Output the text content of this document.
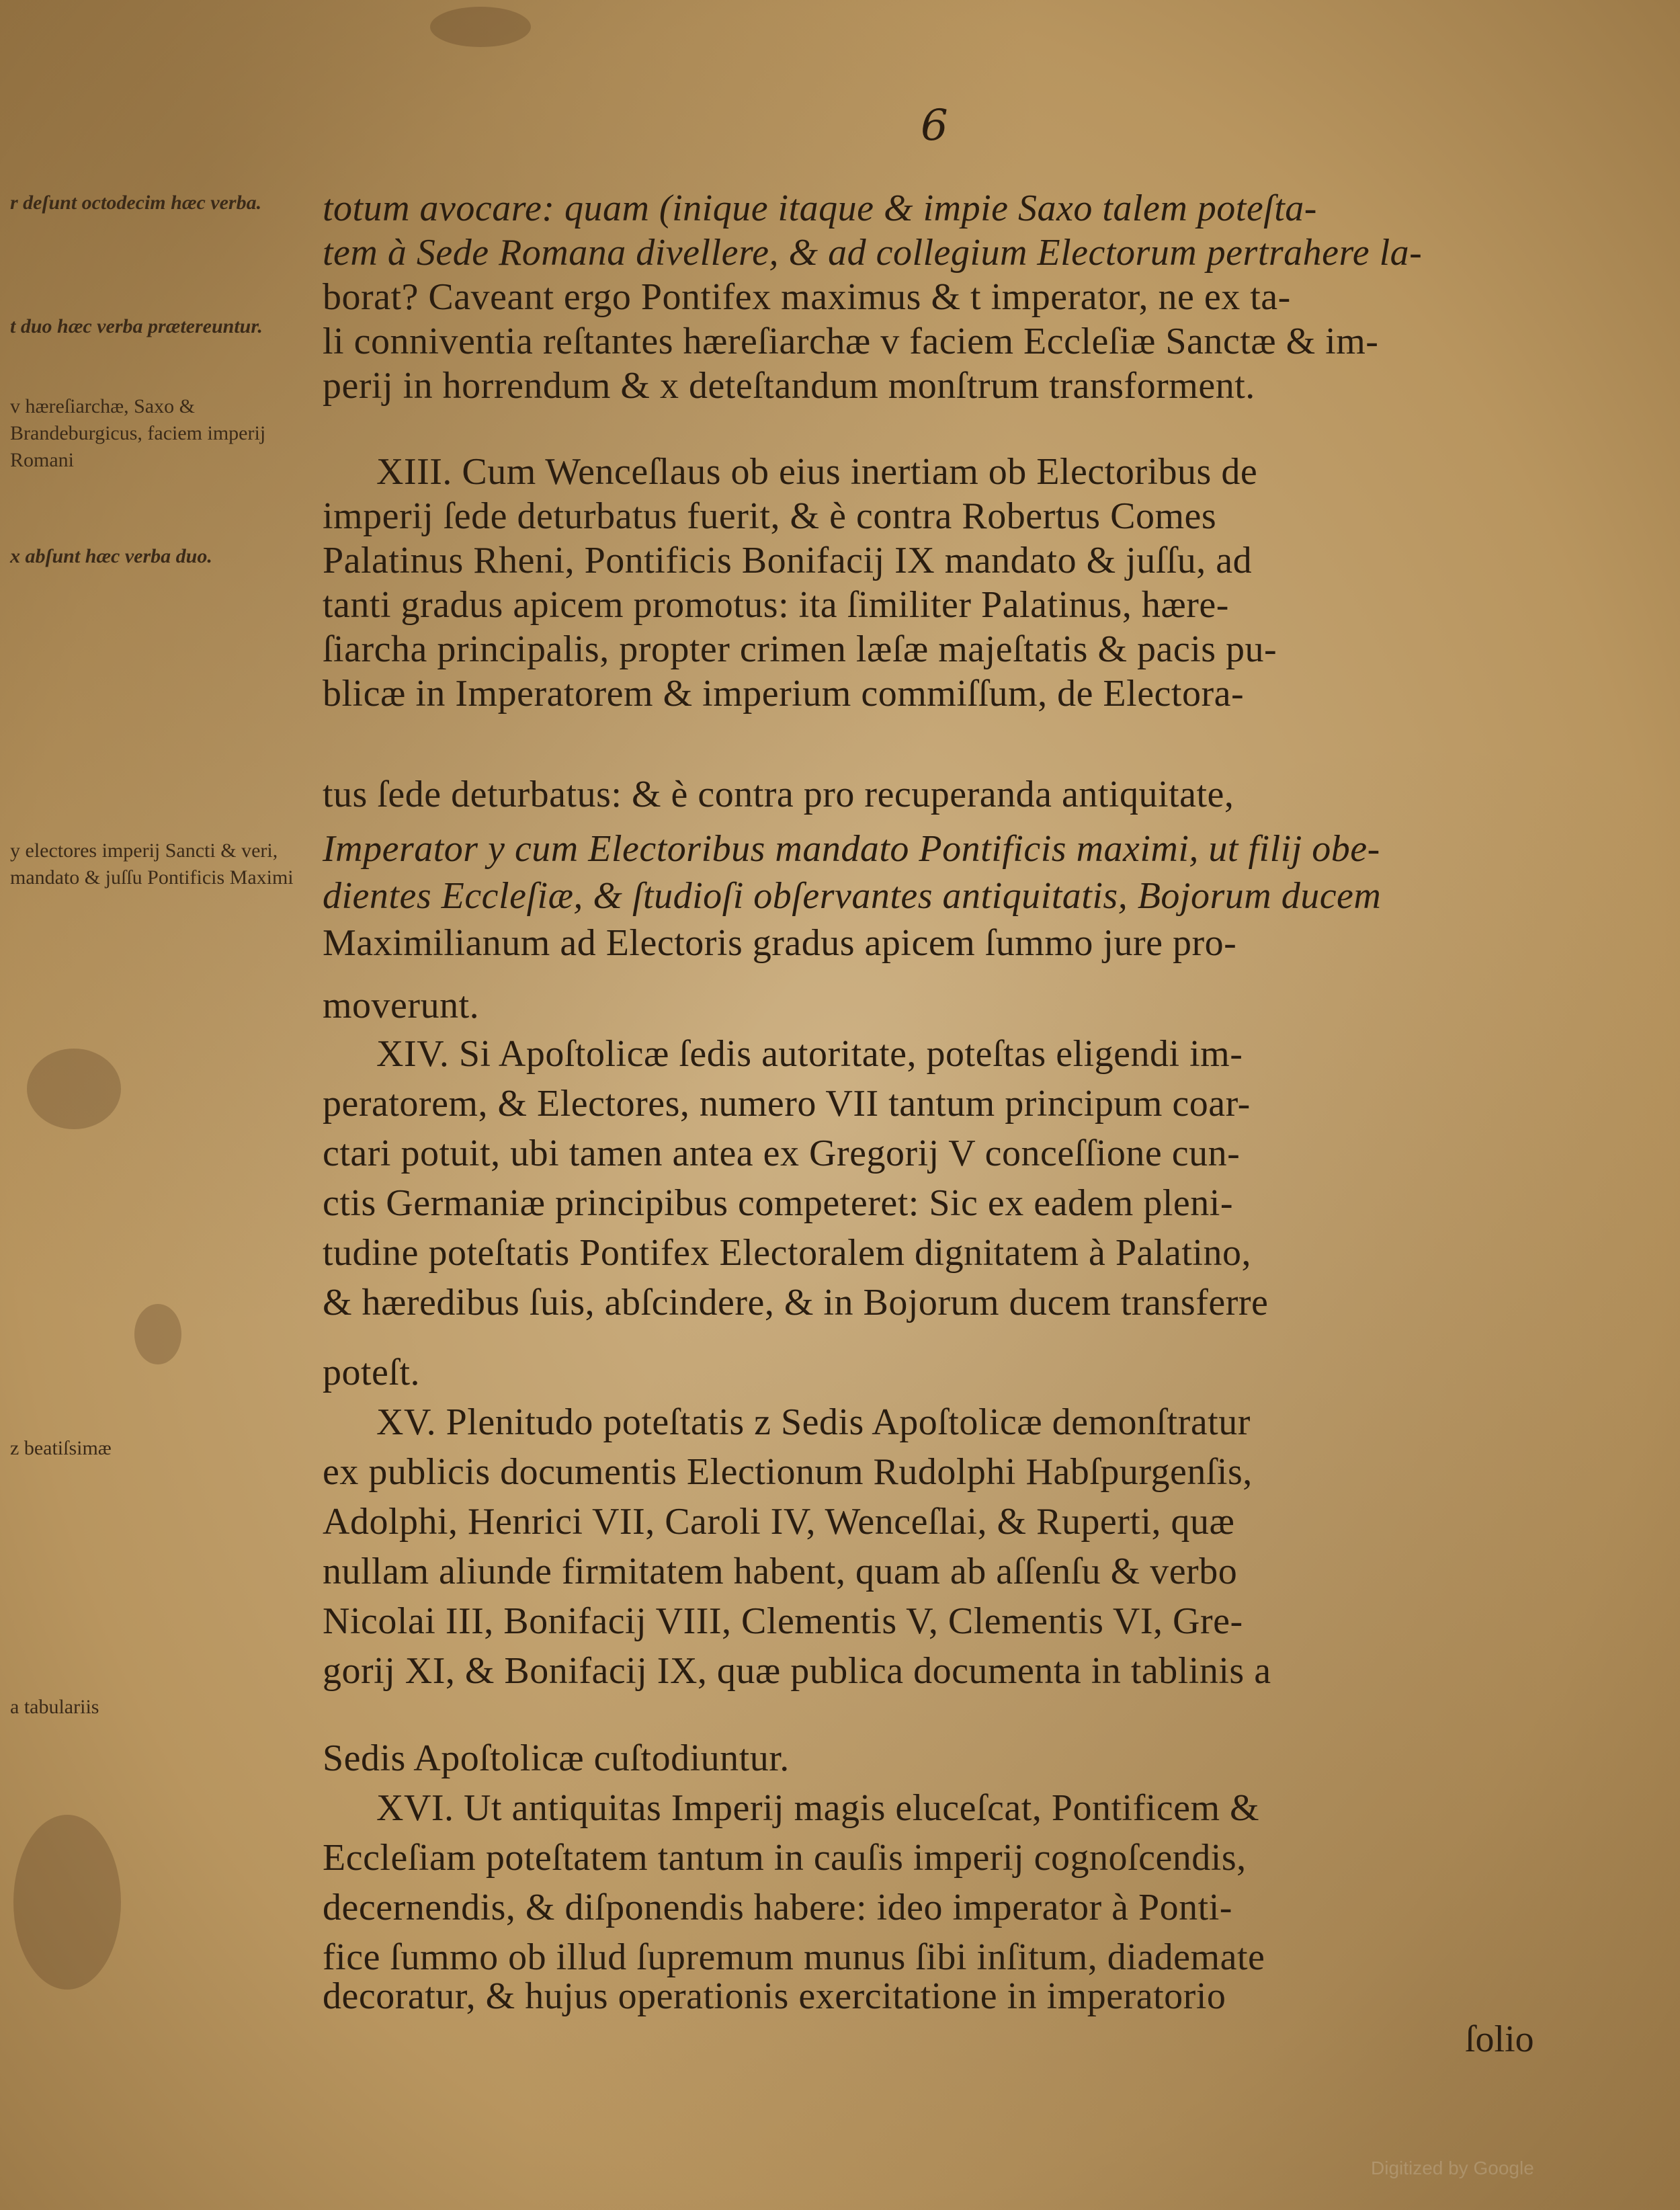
6
r deſunt octodecim hæc verba.
t duo hæc verba prætereuntur.
v hæreſiarchæ, Saxo & Brandeburgicus, faciem imperij Romani
x abſunt hæc verba duo.
y electores imperij Sancti & veri, mandato & juſſu Pontificis Maximi
z beatiſsimæ
a tabulariis
totum avocare: quam (inique itaque & impie Saxo talem poteſta-
tem à Sede Romana divellere, & ad collegium Electorum pertrahere la-
borat? Caveant ergo Pontifex maximus & t imperator, ne ex ta-
li conniventia reſtantes hæreſiarchæ v faciem Eccleſiæ Sanctæ & im-
perij in horrendum & x deteſtandum monſtrum transforment.
XIII. Cum Wenceſlaus ob eius inertiam ob Electoribus de
imperij ſede deturbatus fuerit, & è contra Robertus Comes
Palatinus Rheni, Pontificis Bonifacij IX mandato & juſſu, ad
tanti gradus apicem promotus: ita ſimiliter Palatinus, hære-
ſiarcha principalis, propter crimen læſæ majeſtatis & pacis pu-
blicæ in Imperatorem & imperium commiſſum, de Electora-
tus ſede deturbatus: & è contra pro recuperanda antiquitate,
Imperator y cum Electoribus mandato Pontificis maximi, ut filij obe-
dientes Eccleſiæ, & ſtudioſi obſervantes antiquitatis, Bojorum ducem
Maximilianum ad Electoris gradus apicem ſummo jure pro-
moverunt.
XIV. Si Apoſtolicæ ſedis autoritate, poteſtas eligendi im-
peratorem, & Electores, numero VII tantum principum coar-
ctari potuit, ubi tamen antea ex Gregorij V conceſſione cun-
ctis Germaniæ principibus competeret: Sic ex eadem pleni-
tudine poteſtatis Pontifex Electoralem dignitatem à Palatino,
& hæredibus ſuis, abſcindere, & in Bojorum ducem transferre
poteſt.
XV. Plenitudo poteſtatis z Sedis Apoſtolicæ demonſtratur
ex publicis documentis Electionum Rudolphi Habſpurgenſis,
Adolphi, Henrici VII, Caroli IV, Wenceſlai, & Ruperti, quæ
nullam aliunde firmitatem habent, quam ab aſſenſu & verbo
Nicolai III, Bonifacij VIII, Clementis V, Clementis VI, Gre-
gorij XI, & Bonifacij IX, quæ publica documenta in tablinis a
Sedis Apoſtolicæ cuſtodiuntur.
XVI. Ut antiquitas Imperij magis eluceſcat, Pontificem &
Eccleſiam poteſtatem tantum in cauſis imperij cognoſcendis,
decernendis, & diſponendis habere: ideo imperator à Ponti-
fice ſummo ob illud ſupremum munus ſibi inſitum, diademate
decoratur, & hujus operationis exercitatione in imperatorio
ſolio
Digitized by Google
